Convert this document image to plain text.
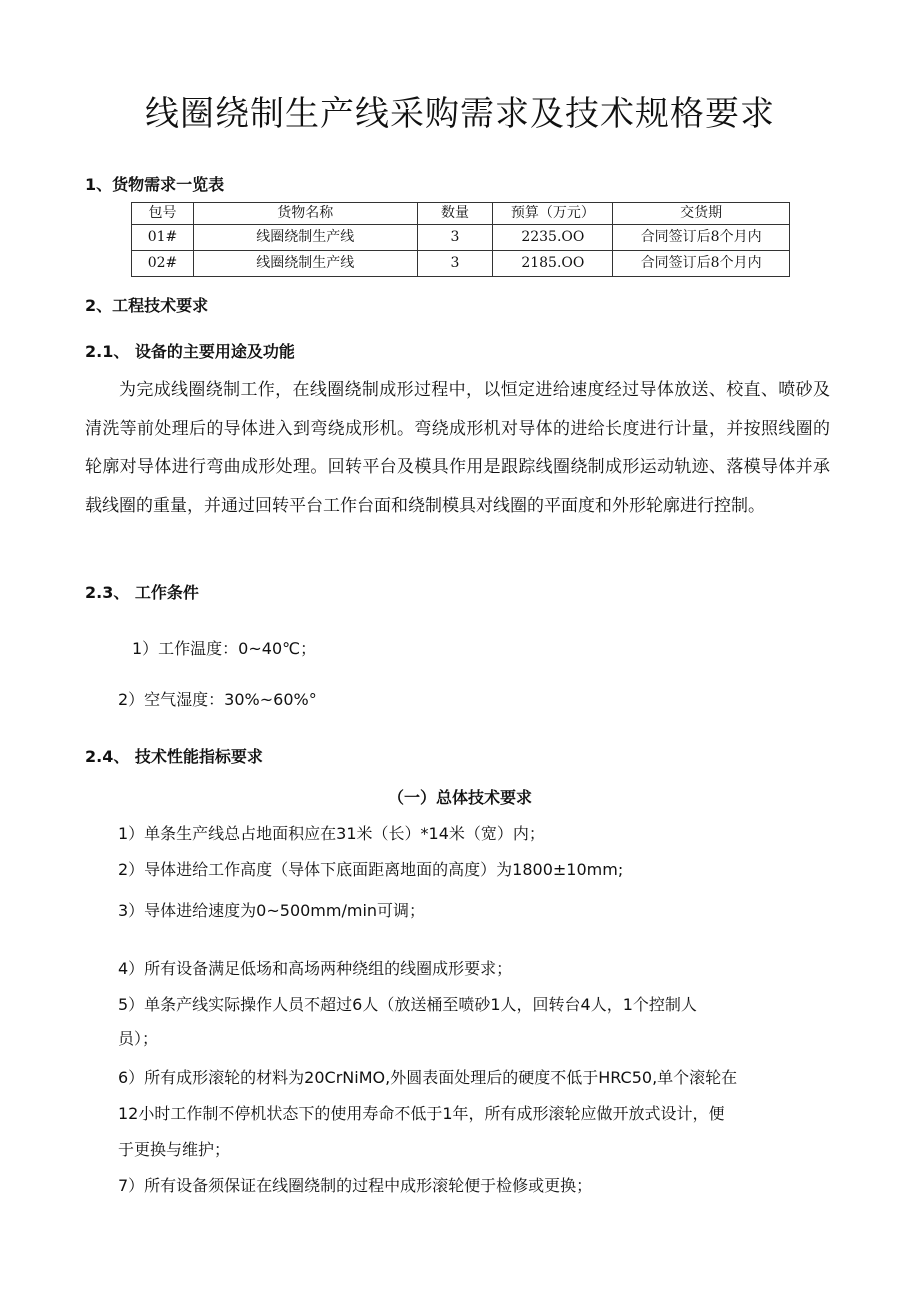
线圈绕制生产线采购需求及技术规格要求
1、货物需求一览表
包号	货物名称	数量	预算（万元）	交货期
01#	线圈绕制生产线	3	2235.OO	合同签订后8个月内
02#	线圈绕制生产线	3	2185.OO	合同签订后8个月内
2、工程技术要求
2.1、 设备的主要用途及功能
为完成线圈绕制工作，在线圈绕制成形过程中，以恒定进给速度经过导体放送、校直、喷砂及清洗等前处理后的导体进入到弯绕成形机。弯绕成形机对导体的进给长度进行计量，并按照线圈的轮廓对导体进行弯曲成形处理。回转平台及模具作用是跟踪线圈绕制成形运动轨迹、落模导体并承载线圈的重量，并通过回转平台工作台面和绕制模具对线圈的平面度和外形轮廓进行控制。
2.3、 工作条件
1）工作温度：0~40℃；
2）空气湿度：30%~60%°
2.4、 技术性能指标要求
（一）总体技术要求
1）单条生产线总占地面积应在31米（长）*14米（宽）内；
2）导体进给工作高度（导体下底面距离地面的高度）为1800±10mm;
3）导体进给速度为0~500mm∕min可调；
4）所有设备满足低场和高场两种绕组的线圈成形要求；
5）单条产线实际操作人员不超过6人（放送桶至喷砂1人，回转台4人，1个控制人
员）；
6）所有成形滚轮的材料为20CrNiMO,外圆表面处理后的硬度不低于HRC50,单个滚轮在
12小时工作制不停机状态下的使用寿命不低于1年，所有成形滚轮应做开放式设计，便
于更换与维护；
7）所有设备须保证在线圈绕制的过程中成形滚轮便于检修或更换；
